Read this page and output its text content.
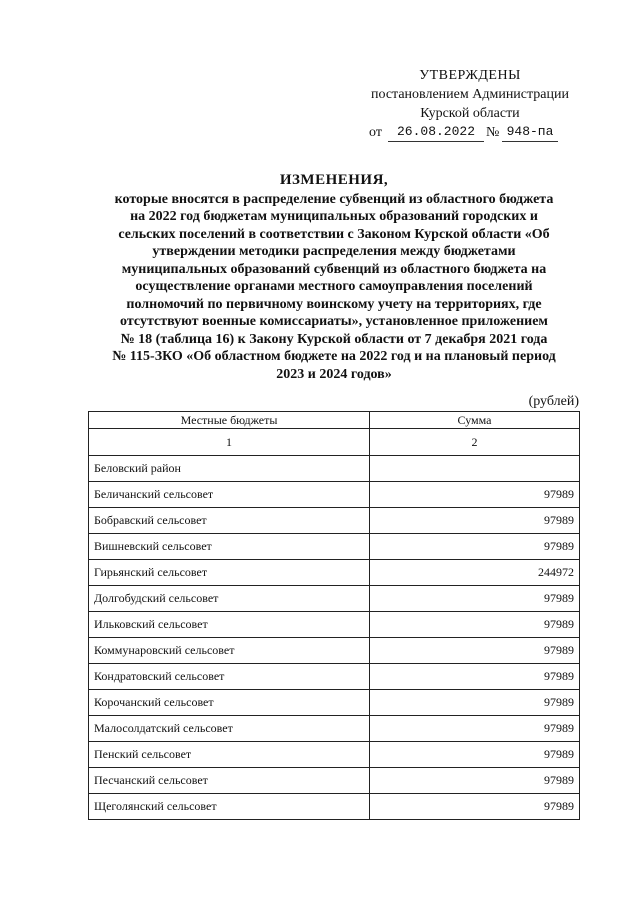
УТВЕРЖДЕНЫ
постановлением Администрации
Курской области
от	26.08.2022 № 948-па
ИЗМЕНЕНИЯ,
которые вносятся в распределение субвенций из областного бюджета
на 2022 год бюджетам муниципальных образований городских и
сельских поселений в соответствии с Законом Курской области «Об
утверждении методики распределения между бюджетами
муниципальных образований субвенций из областного бюджета на
осуществление органами местного самоуправления поселений
полномочий по первичному воинскому учету на территориях, где
отсутствуют военные комиссариаты», установленное приложением
№ 18 (таблица 16) к Закону Курской области от 7 декабря 2021 года
№ 115-ЗКО «Об областном бюджете на 2022 год и на плановый период
2023 и 2024 годов»
(рублей)
Местные бюджеты	Сумма
1	2
Беловский район	
Беличанский сельсовет	97989
Бобравский сельсовет	97989
Вишневский сельсовет	97989
Гирьянский сельсовет	244972
Долгобудский сельсовет	97989
Ильковский сельсовет	97989
Коммунаровский сельсовет	97989
Кондратовский сельсовет	97989
Корочанский сельсовет	97989
Малосолдатский сельсовет	97989
Пенский сельсовет	97989
Песчанский сельсовет	97989
Щеголянский сельсовет	97989
